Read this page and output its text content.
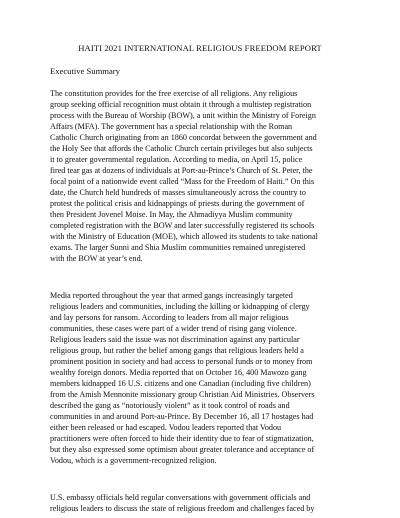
HAITI 2021 INTERNATIONAL RELIGIOUS FREEDOM REPORT
Executive Summary
The constitution provides for the free exercise of all religions. Any religious
group seeking official recognition must obtain it through a multistep registration
process with the Bureau of Worship (BOW), a unit within the Ministry of Foreign
Affairs (MFA). The government has a special relationship with the Roman
Catholic Church originating from an 1860 concordat between the government and
the Holy See that affords the Catholic Church certain privileges but also subjects
it to greater governmental regulation. According to media, on April 15, police
fired tear gas at dozens of individuals at Port-au-Prince’s Church of St. Peter, the
focal point of a nationwide event called “Mass for the Freedom of Haiti.” On this
date, the Church held hundreds of masses simultaneously across the country to
protest the political crisis and kidnappings of priests during the government of
then President Jovenel Moise. In May, the Ahmadiyya Muslim community
completed registration with the BOW and later successfully registered its schools
with the Ministry of Education (MOE), which allowed its students to take national
exams. The larger Sunni and Shia Muslim communities remained unregistered
with the BOW at year’s end.
Media reported throughout the year that armed gangs increasingly targeted
religious leaders and communities, including the killing or kidnapping of clergy
and lay persons for ransom. According to leaders from all major religious
communities, these cases were part of a wider trend of rising gang violence.
Religious leaders said the issue was not discrimination against any particular
religious group, but rather the belief among gangs that religious leaders held a
prominent position in society and had access to personal funds or to money from
wealthy foreign donors. Media reported that on October 16, 400 Mawozo gang
members kidnapped 16 U.S. citizens and one Canadian (including five children)
from the Amish Mennonite missionary group Christian Aid Ministries. Observers
described the gang as “notoriously violent” as it took control of roads and
communities in and around Port-au-Prince. By December 16, all 17 hostages had
either been released or had escaped. Vodou leaders reported that Vodou
practitioners were often forced to hide their identity due to fear of stigmatization,
but they also expressed some optimism about greater tolerance and acceptance of
Vodou, which is a government-recognized religion.
U.S. embassy officials held regular conversations with government officials and
religious leaders to discuss the state of religious freedom and challenges faced by
